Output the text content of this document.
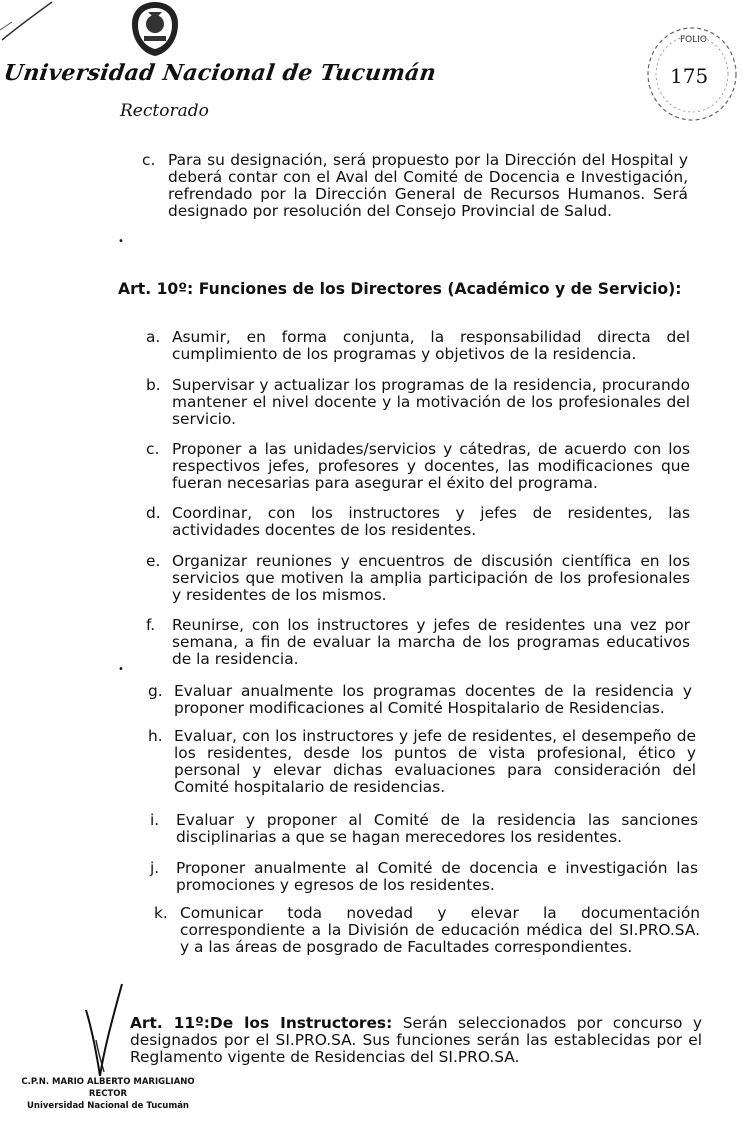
Universidad Nacional de Tucumán
Rectorado
FOLIO
175
c. Para su designación, será propuesto por la Dirección del Hospital y deberá contar con el Aval del Comité de Docencia e Investigación, refrendado por la Dirección General de Recursos Humanos. Será designado por resolución del Consejo Provincial de Salud.
•
Art. 10º: Funciones de los Directores (Académico y de Servicio):
a. Asumir, en forma conjunta, la responsabilidad directa del cumplimiento de los programas y objetivos de la residencia.
b. Supervisar y actualizar los programas de la residencia, procurando mantener el nivel docente y la motivación de los profesionales del servicio.
c. Proponer a las unidades/servicios y cátedras, de acuerdo con los respectivos jefes, profesores y docentes, las modificaciones que fueran necesarias para asegurar el éxito del programa.
d. Coordinar, con los instructores y jefes de residentes, las actividades docentes de los residentes.
e. Organizar reuniones y encuentros de discusión científica en los servicios que motiven la amplia participación de los profesionales y residentes de los mismos.
f. Reunirse, con los instructores y jefes de residentes una vez por semana, a fin de evaluar la marcha de los programas educativos de la residencia.
•
g. Evaluar anualmente los programas docentes de la residencia y proponer modificaciones al Comité Hospitalario de Residencias.
h. Evaluar, con los instructores y jefe de residentes, el desempeño de los residentes, desde los puntos de vista profesional, ético y personal y elevar dichas evaluaciones para consideración del Comité hospitalario de residencias.
i. Evaluar y proponer al Comité de la residencia las sanciones disciplinarias a que se hagan merecedores los residentes.
j. Proponer anualmente al Comité de docencia e investigación las promociones y egresos de los residentes.
k. Comunicar toda novedad y elevar la documentación correspondiente a la División de educación médica del SI.PRO.SA. y a las áreas de posgrado de Facultades correspondientes.
Art. 11º:De los Instructores: Serán seleccionados por concurso y designados por el SI.PRO.SA. Sus funciones serán las establecidas por el Reglamento vigente de Residencias del SI.PRO.SA.
C.P.N. MARIO ALBERTO MARIGLIANO
RECTOR
Universidad Nacional de Tucumán
